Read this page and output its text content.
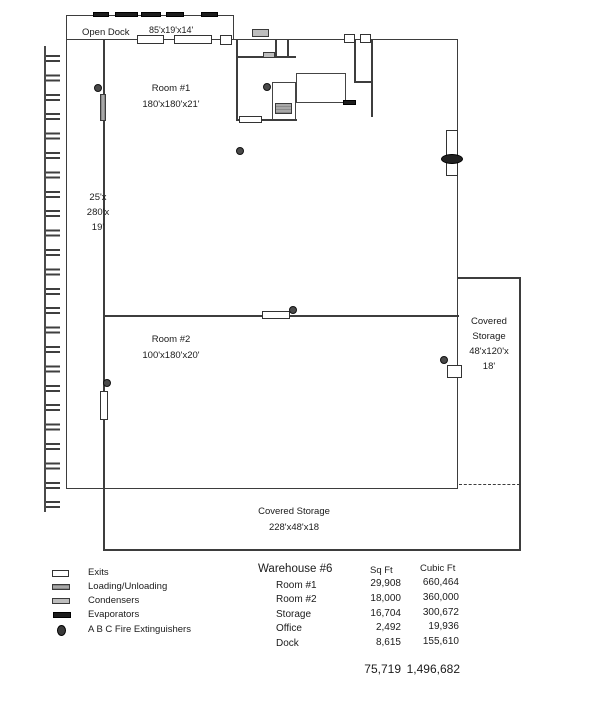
Open Dock 85'x19'x14'
25'x
280'x
19'
Room #1
180'x180'x21'
Room #2
100'x180'x20'
Covered
Storage
48'x120'x
18'
Covered Storage
228'x48'x18
Exits
Loading/Unloading
Condensers
Evaporators
A B C Fire Extinguishers
Warehouse #6	Sq Ft	Cubic Ft
Room #1	29,908	660,464
Room #2	18,000	360,000
Storage	16,704	300,672
Office	2,492	19,936
Dock	8,615	155,610
75,719 1,496,682
